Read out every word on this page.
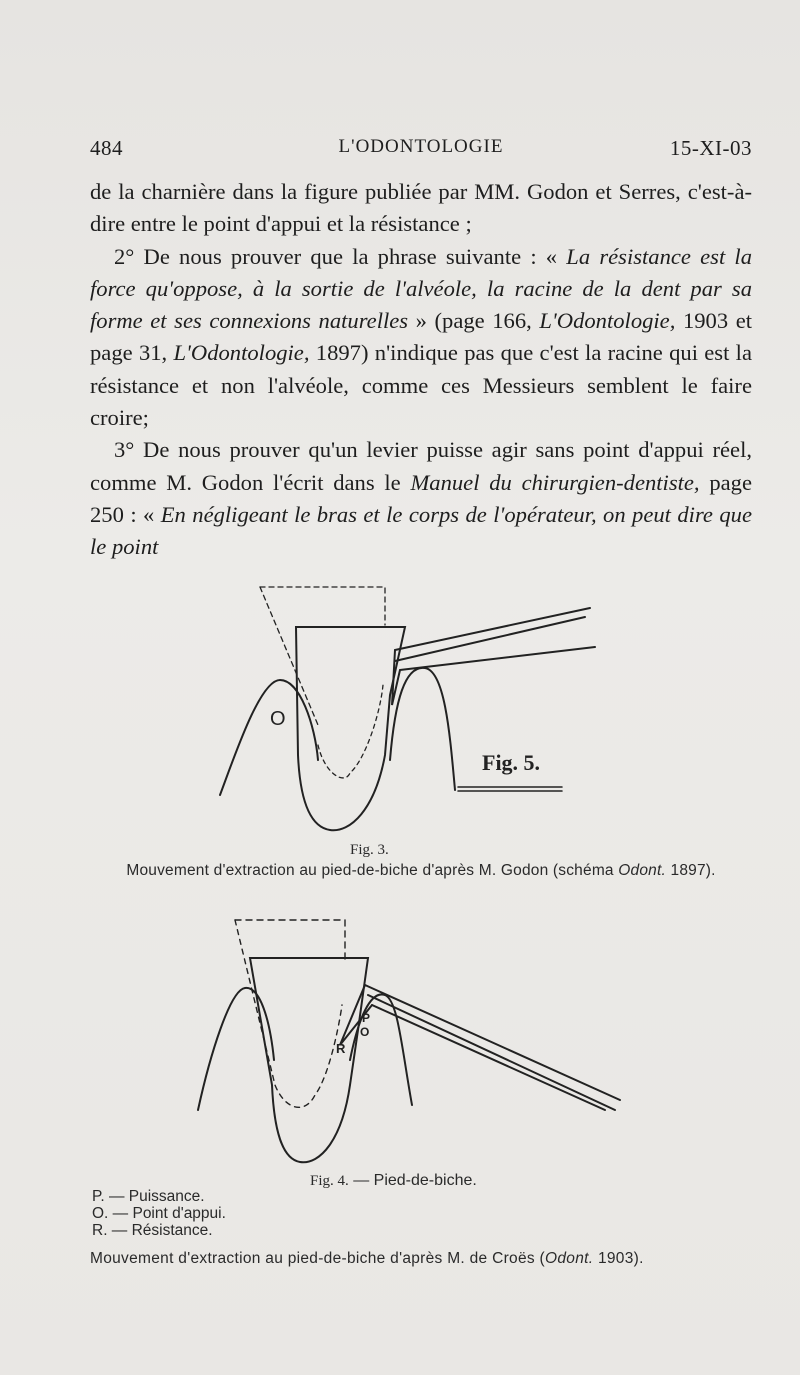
484	L'ODONTOLOGIE	15-XI-03

de la charnière dans la figure publiée par MM. Godon et Serres, c'est-à-dire entre le point d'appui et la résistance ;

2° De nous prouver que la phrase suivante : « La résistance est la force qu'oppose, à la sortie de l'alvéole, la racine de la dent par sa forme et ses connexions naturelles » (page 166, L'Odontologie, 1903 et page 31, L'Odontologie, 1897) n'indique pas que c'est la racine qui est la résistance et non l'alvéole, comme ces Messieurs semblent le faire croire;

3° De nous prouver qu'un levier puisse agir sans point d'appui réel, comme M. Godon l'écrit dans le Manuel du chirurgien-dentiste, page 250 : « En négligeant le bras et le corps de l'opérateur, on peut dire que le point

O
Fig. 5.
Fig. 3.
Mouvement d'extraction au pied-de-biche d'après M. Godon (schéma Odont. 1897).
P
O
R
Fig. 4. — Pied-de-biche.
P. — Puissance.
O. — Point d'appui.
R. — Résistance.
Mouvement d'extraction au pied-de-biche d'après M. de Croës (Odont. 1903).
